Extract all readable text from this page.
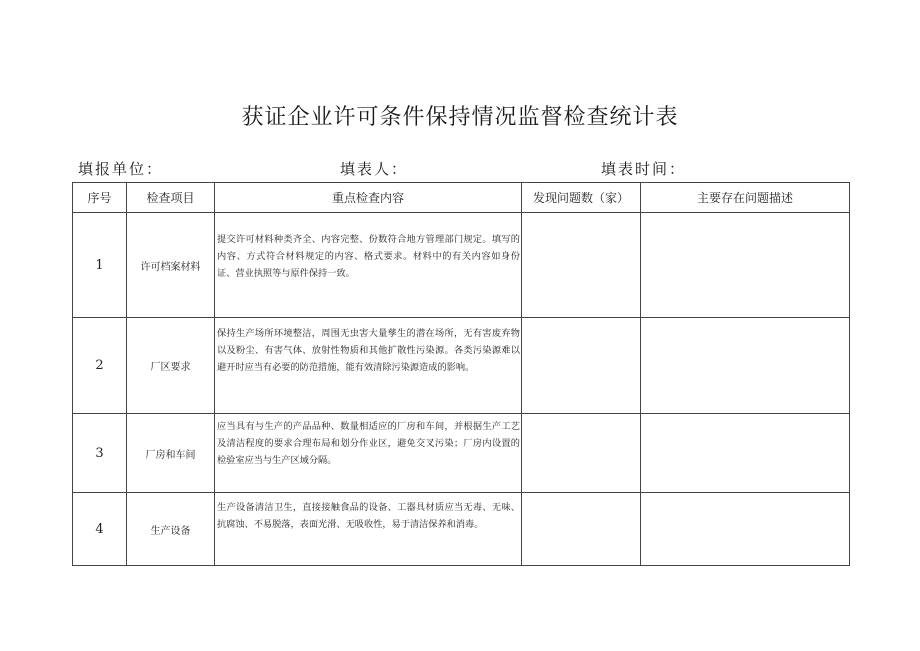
获证企业许可条件保持情况监督检查统计表
填报单位：	填表人：	填表时间：
序号	检查项目	重点检查内容	发现问题数（家）	主要存在问题描述
1	许可档案材料	提交许可材料种类齐全、内容完整、份数符合地方管理部门规定。填写的内容、方式符合材料规定的内容、格式要求。材料中的有关内容如身份证、营业执照等与原件保持一致。		
2	厂区要求	保持生产场所环境整洁，周围无虫害大量孳生的潜在场所，无有害废弃物以及粉尘、有害气体、放射性物质和其他扩散性污染源。各类污染源难以避开时应当有必要的防范措施，能有效清除污染源造成的影响。		
3	厂房和车间	应当具有与生产的产品品种、数量相适应的厂房和车间，并根据生产工艺及清洁程度的要求合理布局和划分作业区，避免交叉污染；厂房内设置的检验室应当与生产区域分隔。		
4	生产设备	生产设备清洁卫生，直接接触食品的设备、工器具材质应当无毒、无味、抗腐蚀、不易脱落，表面光滑、无吸收性，易于清洁保养和消毒。		
